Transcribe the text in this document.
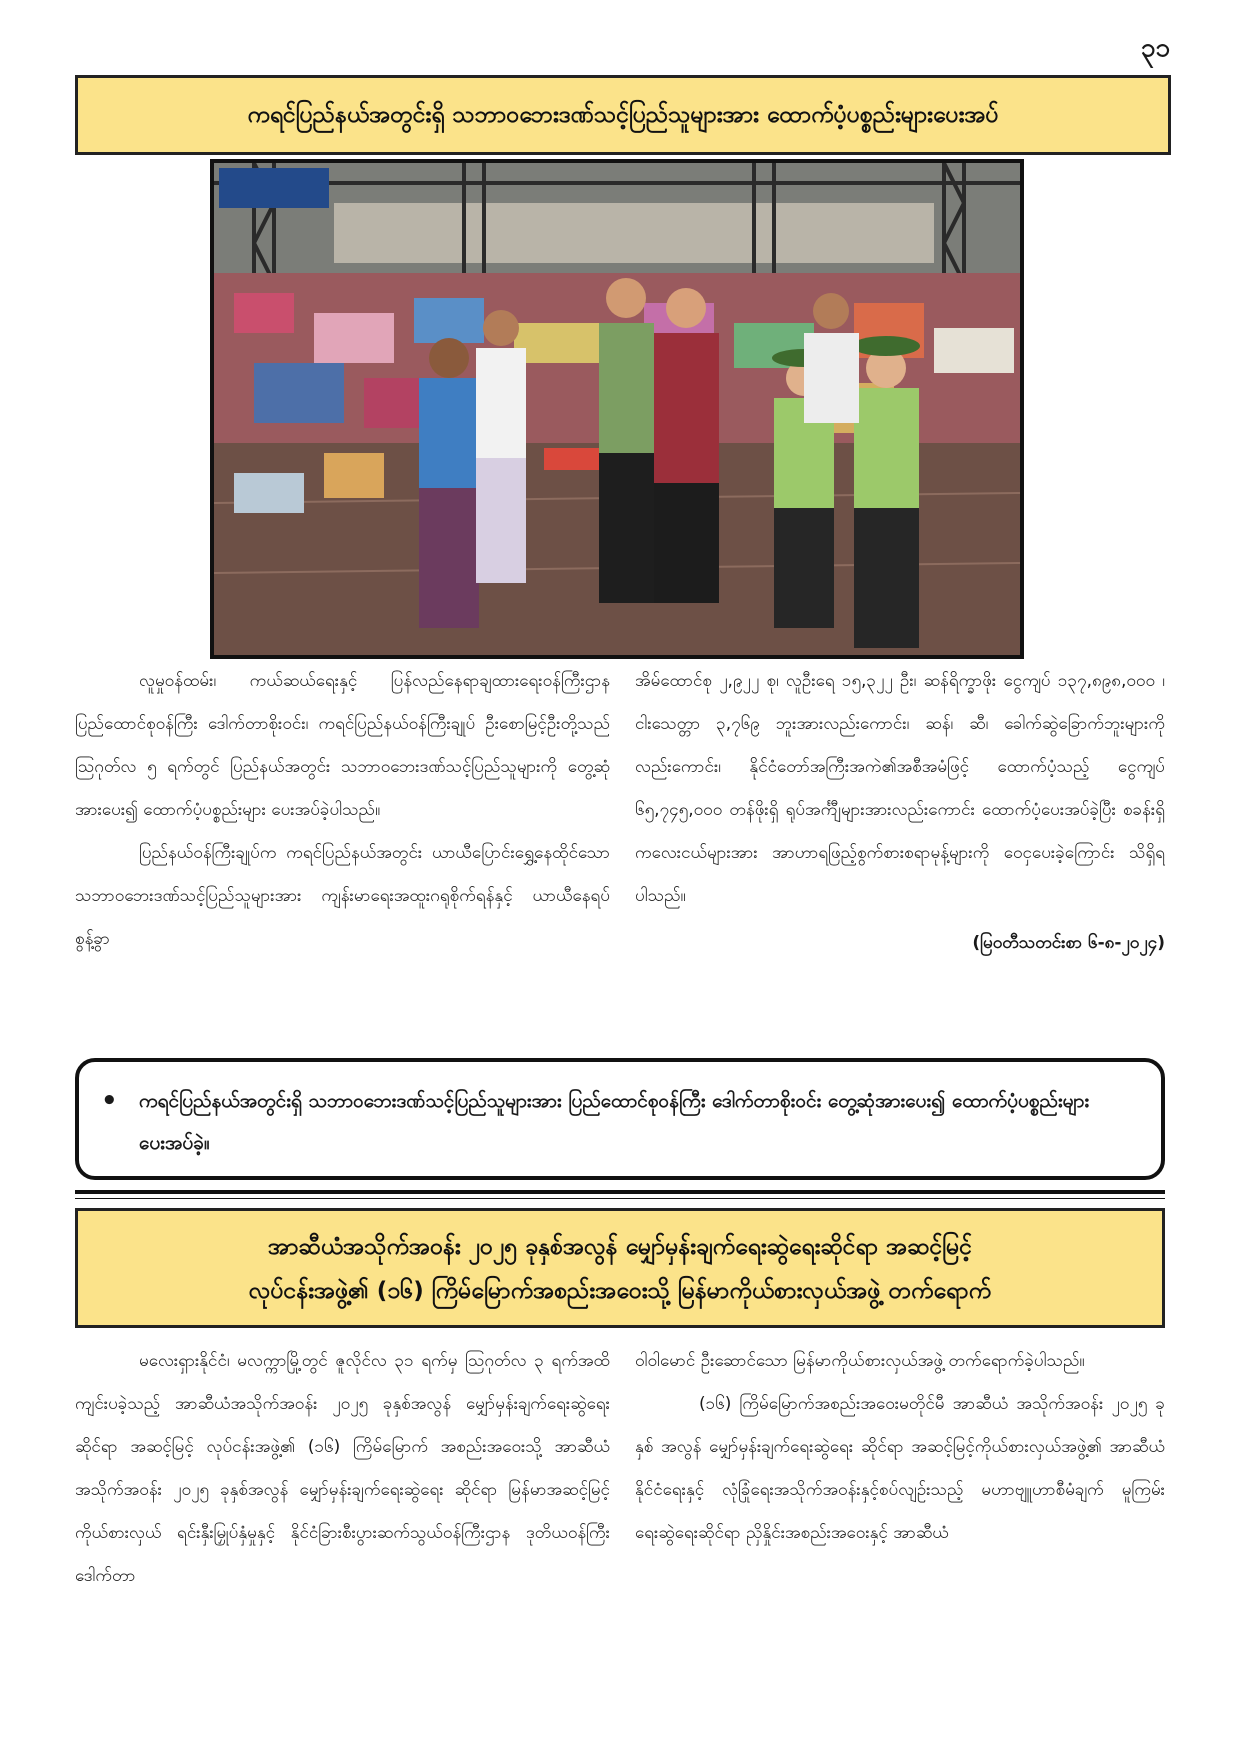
၃၁
ကရင်ပြည်နယ်အတွင်းရှိ သဘာဝဘေးဒဏ်သင့်ပြည်သူများအား ထောက်ပံ့ပစ္စည်းများပေးအပ်

လူမှုဝန်ထမ်း၊ ကယ်ဆယ်ရေးနှင့် ပြန်လည်နေရာချထားရေးဝန်ကြီးဌာန ပြည်ထောင်စုဝန်ကြီး ဒေါက်တာစိုးဝင်း၊ ကရင်ပြည်နယ်ဝန်ကြီးချုပ် ဦးစောမြင့်ဦးတို့သည် သြဂုတ်လ ၅ ရက်တွင် ပြည်နယ်အတွင်း သဘာဝဘေးဒဏ်သင့်ပြည်သူများကို တွေ့ဆုံအားပေး၍ ထောက်ပံ့ပစ္စည်းများ ပေးအပ်ခဲ့ပါသည်။

ပြည်နယ်ဝန်ကြီးချုပ်က ကရင်ပြည်နယ်အတွင်း ယာယီပြောင်းရွှေ့နေထိုင်သော သဘာဝဘေးဒဏ်သင့်ပြည်သူများအား ကျန်းမာရေးအထူးဂရုစိုက်ရန်နှင့် ယာယီနေရပ်စွန့်ခွာ

အိမ်ထောင်စု ၂,၉၂၂ စု၊ လူဦးရေ ၁၅,၃၂၂ ဦး၊ ဆန်ရိက္ခာဖိုး ငွေကျပ် ၁၃၇,၈၉၈,၀၀၀ ၊ ငါးသေတ္တာ ၃,၇၆၉ ဘူးအားလည်းကောင်း၊ ဆန်၊ ဆီ၊ ခေါက်ဆွဲခြောက်ဘူးများကိုလည်းကောင်း၊ နိုင်ငံတော်အကြီးအကဲ၏အစီအမံဖြင့် ထောက်ပံ့သည့် ငွေကျပ် ၆၅,၇၄၅,၀၀၀ တန်ဖိုးရှိ ရုပ်အင်္ကျီများအားလည်းကောင်း ထောက်ပံ့ပေးအပ်ခဲ့ပြီး စခန်းရှိကလေးငယ်များအား အာဟာရဖြည့်စွက်စားစရာမုန့်များကို ဝေငှပေးခဲ့ကြောင်း သိရှိရပါသည်။

(မြဝတီသတင်းစာ ၆-၈-၂၀၂၄)
• ကရင်ပြည်နယ်အတွင်းရှိ သဘာဝဘေးဒဏ်သင့်ပြည်သူများအား ပြည်ထောင်စုဝန်ကြီး ဒေါက်တာစိုးဝင်း တွေ့ဆုံအားပေး၍ ထောက်ပံ့ပစ္စည်းများပေးအပ်ခဲ့။
အာဆီယံအသိုက်အဝန်း ၂၀၂၅ ခုနှစ်အလွန် မျှော်မှန်းချက်ရေးဆွဲရေးဆိုင်ရာ အဆင့်မြင့်
လုပ်ငန်းအဖွဲ့၏ (၁၆) ကြိမ်မြောက်အစည်းအဝေးသို့ မြန်မာကိုယ်စားလှယ်အဖွဲ့ တက်ရောက်

မလေးရှားနိုင်ငံ၊ မလက္ကာမြို့တွင် ဇူလိုင်လ ၃၁ ရက်မှ သြဂုတ်လ ၃ ရက်အထိ ကျင်းပခဲ့သည့် အာဆီယံအသိုက်အဝန်း ၂၀၂၅ ခုနှစ်အလွန် မျှော်မှန်းချက်ရေးဆွဲရေးဆိုင်ရာ အဆင့်မြင့် လုပ်ငန်းအဖွဲ့၏ (၁၆) ကြိမ်မြောက် အစည်းအဝေးသို့ အာဆီယံ အသိုက်အဝန်း ၂၀၂၅ ခုနှစ်အလွန် မျှော်မှန်းချက်ရေးဆွဲရေး ဆိုင်ရာ မြန်မာအဆင့်မြင့်ကိုယ်စားလှယ် ရင်းနှီးမြှုပ်နှံမှုနှင့် နိုင်ငံခြားစီးပွားဆက်သွယ်ဝန်ကြီးဌာန ဒုတိယဝန်ကြီး ဒေါက်တာ

ဝါဝါမောင် ဦးဆောင်သော မြန်မာကိုယ်စားလှယ်အဖွဲ့ တက်ရောက်ခဲ့ပါသည်။

(၁၆) ကြိမ်မြောက်အစည်းအဝေးမတိုင်မီ အာဆီယံ အသိုက်အဝန်း ၂၀၂၅ ခုနှစ် အလွန် မျှော်မှန်းချက်ရေးဆွဲရေး ဆိုင်ရာ အဆင့်မြင့်ကိုယ်စားလှယ်အဖွဲ့၏ အာဆီယံနိုင်ငံရေးနှင့် လုံခြုံရေးအသိုက်အဝန်းနှင့်စပ်လျဉ်းသည့် မဟာဗျူဟာစီမံချက် မူကြမ်းရေးဆွဲရေးဆိုင်ရာ ညှိနှိုင်းအစည်းအဝေးနှင့် အာဆီယံ
